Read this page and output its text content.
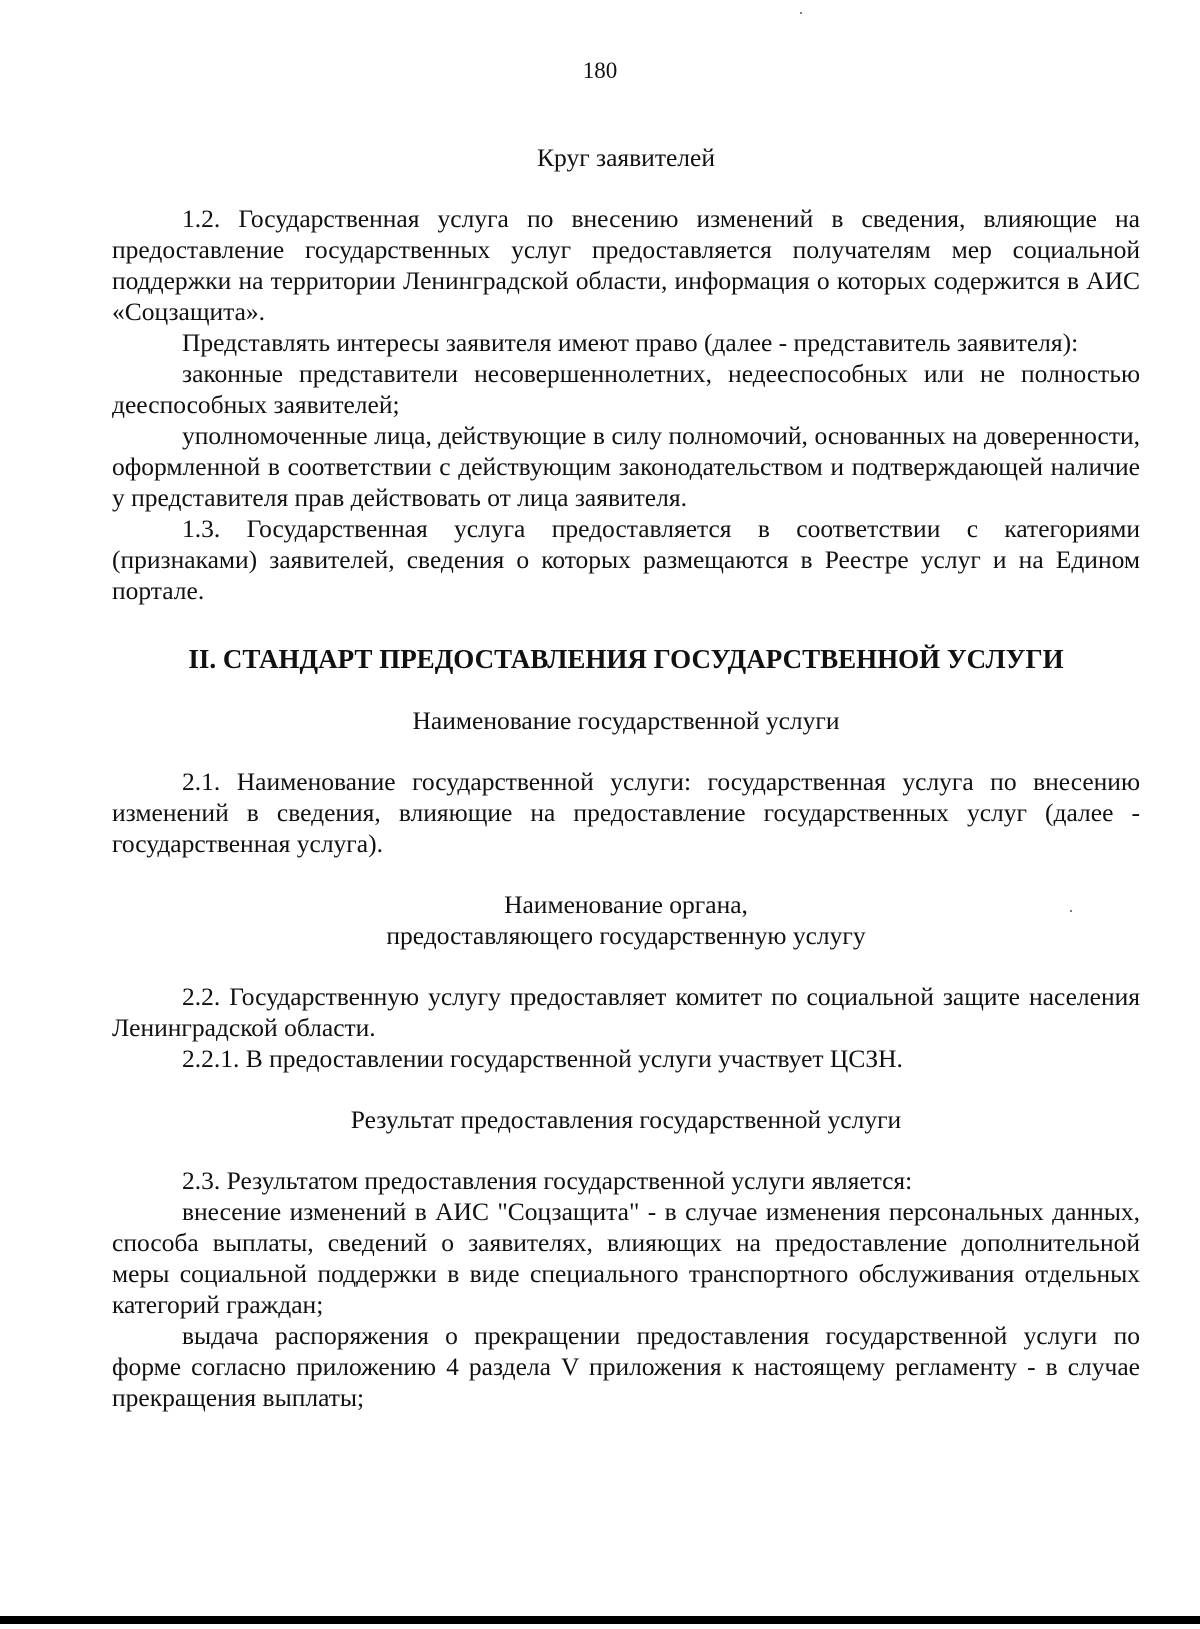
180

Круг заявителей

1.2. Государственная услуга по внесению изменений в сведения, влияющие на предоставление государственных услуг предоставляется получателям мер социальной поддержки на территории Ленинградской области, информация о которых содержится в АИС «Соцзащита».

Представлять интересы заявителя имеют право (далее - представитель заявителя):

законные представители несовершеннолетних, недееспособных или не полностью дееспособных заявителей;

уполномоченные лица, действующие в силу полномочий, основанных на доверенности, оформленной в соответствии с действующим законодательством и подтверждающей наличие у представителя прав действовать от лица заявителя.

1.3. Государственная услуга предоставляется в соответствии с категориями (признаками) заявителей, сведения о которых размещаются в Реестре услуг и на Едином портале.

II. СТАНДАРТ ПРЕДОСТАВЛЕНИЯ ГОСУДАРСТВЕННОЙ УСЛУГИ

Наименование государственной услуги

2.1. Наименование государственной услуги: государственная услуга по внесению изменений в сведения, влияющие на предоставление государственных услуг (далее - государственная услуга).

Наименование органа,

предоставляющего государственную услугу

2.2. Государственную услугу предоставляет комитет по социальной защите населения Ленинградской области.

2.2.1. В предоставлении государственной услуги участвует ЦСЗН.

Результат предоставления государственной услуги

2.3. Результатом предоставления государственной услуги является:

внесение изменений в АИС "Соцзащита" - в случае изменения персональных данных, способа выплаты, сведений о заявителях, влияющих на предоставление дополнительной меры социальной поддержки в виде специального транспортного обслуживания отдельных категорий граждан;

выдача распоряжения о прекращении предоставления государственной услуги по форме согласно приложению 4 раздела V приложения к настоящему регламенту - в случае прекращения выплаты;
